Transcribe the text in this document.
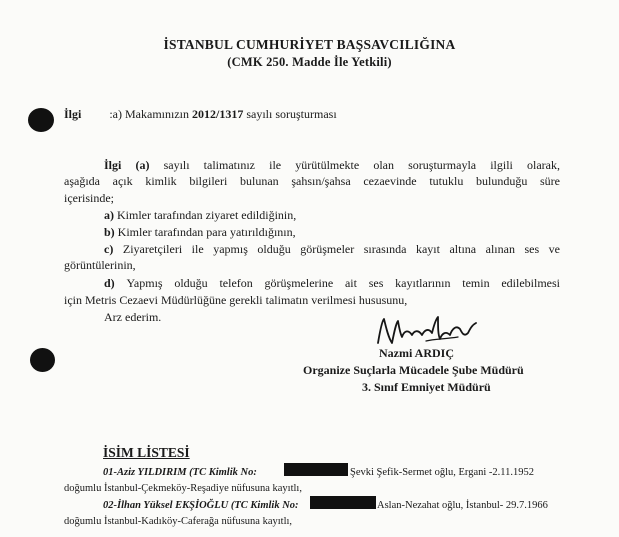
İSTANBUL CUMHURİYET BAŞSAVCILIĞINA
(CMK 250. Madde İle Yetkili)
İlgi :a) Makamınızın 2012/1317 sayılı soruşturması
İlgi (a) sayılı talimatınız ile yürütülmekte olan soruşturmayla ilgili olarak,
aşağıda açık kimlik bilgileri bulunan şahsın/şahsa cezaevinde tutuklu bulunduğu süre
içerisinde;
a) Kimler tarafından ziyaret edildiğinin,
b) Kimler tarafından para yatırıldığının,
c) Ziyaretçileri ile yapmış olduğu görüşmeler sırasında kayıt altına alınan ses ve
görüntülerinin,
d) Yapmış olduğu telefon görüşmelerine ait ses kayıtlarının temin edilebilmesi
için Metris Cezaevi Müdürlüğüne gerekli talimatın verilmesi hususunu,
Arz ederim.
Nazmi ARDIÇ
Organize Suçlarla Mücadele Şube Müdürü
3. Sınıf Emniyet Müdürü
İSİM LİSTESİ
01-Aziz YILDIRIM (TC Kimlik No:	Şevki Şefik-Sermet oğlu, Ergani -2.11.1952
doğumlu İstanbul-Çekmeköy-Reşadiye nüfusuna kayıtlı,
02-İlhan Yüksel EKŞİOĞLU (TC Kimlik No:	Aslan-Nezahat oğlu, İstanbul- 29.7.1966
doğumlu İstanbul-Kadıköy-Caferağa nüfusuna kayıtlı,
